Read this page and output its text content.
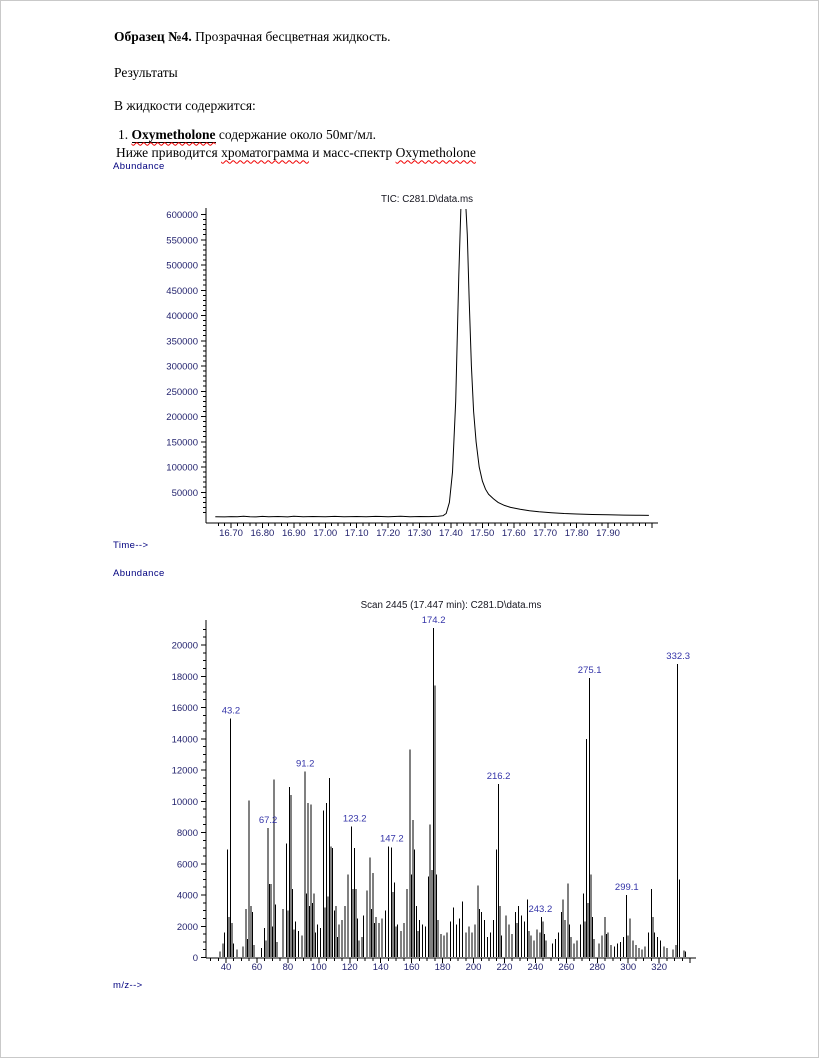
Образец №4. Прозрачная бесцветная жидкость.

Результаты

В жидкости содержится:

1. Oxymetholone содержание около 50мг/мл.

Ниже приводится хроматограмма и масс-спектр Oxymetholone

Abundance
Time-->
Abundance
m/z-->
16.70 16.80 16.90 17.00 17.10 17.20 17.30 17.40 17.50 17.60 17.70 17.80 17.90
50000
100000
150000
200000
250000
300000
350000
400000
450000
500000
550000
600000
TIC: C281.D\data.ms
40 60 80 100 120 140 160 180 200 220 240 260 280 300 320
0
2000
4000
6000
8000
10000
12000
14000
16000
18000
20000
Scan 2445 (17.447 min): C281.D\data.ms
43.2
67.2
91.2
123.2
147.2
174.2
216.2
243.2
275.1
299.1
332.3
